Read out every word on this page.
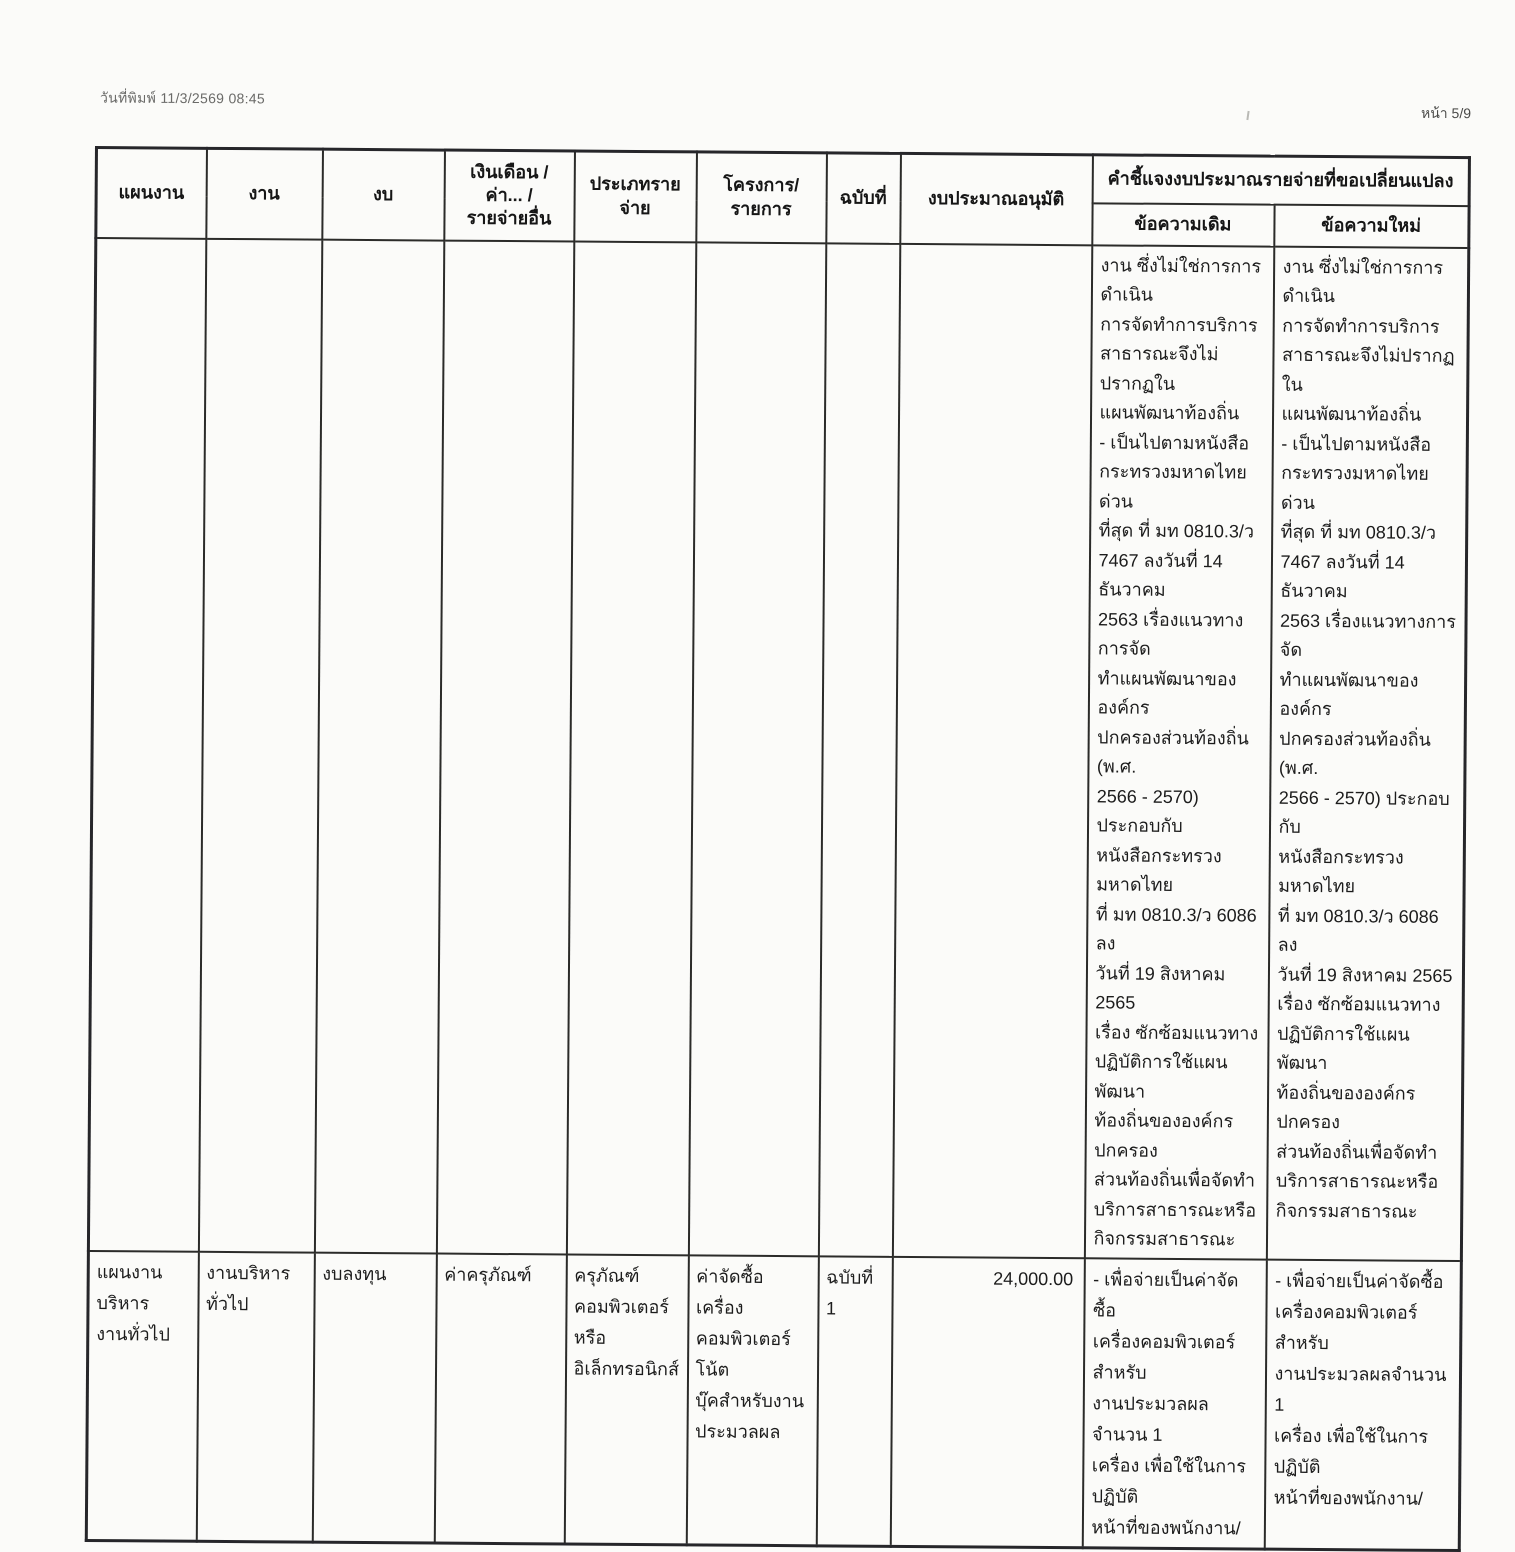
วันที่พิมพ์ 11/3/2569 08:45
หน้า 5/9
แผนงาน	งาน	งบ	เงินเดือน /ค่า... /
รายจ่ายอื่น	ประเภทรายจ่าย	โครงการ/รายการ	ฉบับที่	งบประมาณอนุมัติ	คำชี้แจงงบประมาณรายจ่ายที่ขอเปลี่ยนแปลง	
								ข้อความเดิม	ข้อความใหม่
								งาน ซึ่งไม่ใช่การการดำเนิน
การจัดทำการบริการ
สาธารณะจึงไม่ปรากฏใน
แผนพัฒนาท้องถิ่น
- เป็นไปตามหนังสือ
กระทรวงมหาดไทย ด่วน
ที่สุด ที่ มท 0810.3/ว
7467 ลงวันที่ 14 ธันวาคม
2563 เรื่องแนวทางการจัด
ทำแผนพัฒนาขององค์กร
ปกครองส่วนท้องถิ่น (พ.ศ.
2566 - 2570) ประกอบกับ
หนังสือกระทรวงมหาดไทย
ที่ มท 0810.3/ว 6086 ลง
วันที่ 19 สิงหาคม 2565
เรื่อง ซักซ้อมแนวทาง
ปฏิบัติการใช้แผนพัฒนา
ท้องถิ่นขององค์กรปกครอง
ส่วนท้องถิ่นเพื่อจัดทำ
บริการสาธารณะหรือ
กิจกรรมสาธารณะ	งาน ซึ่งไม่ใช่การการดำเนิน
การจัดทำการบริการ
สาธารณะจึงไม่ปรากฏใน
แผนพัฒนาท้องถิ่น
- เป็นไปตามหนังสือ
กระทรวงมหาดไทย ด่วน
ที่สุด ที่ มท 0810.3/ว
7467 ลงวันที่ 14 ธันวาคม
2563 เรื่องแนวทางการจัด
ทำแผนพัฒนาขององค์กร
ปกครองส่วนท้องถิ่น (พ.ศ.
2566 - 2570) ประกอบกับ
หนังสือกระทรวงมหาดไทย
ที่ มท 0810.3/ว 6086 ลง
วันที่ 19 สิงหาคม 2565
เรื่อง ซักซ้อมแนวทาง
ปฏิบัติการใช้แผนพัฒนา
ท้องถิ่นขององค์กรปกครอง
ส่วนท้องถิ่นเพื่อจัดทำ
บริการสาธารณะหรือ
กิจกรรมสาธารณะ
แผนงานบริหาร
งานทั่วไป	งานบริหารทั่วไป	งบลงทุน	ค่าครุภัณฑ์	ครุภัณฑ์
คอมพิวเตอร์
หรือ
อิเล็กทรอนิกส์	ค่าจัดซื้อเครื่อง
คอมพิวเตอร์โน้ต
บุ๊คสำหรับงาน
ประมวลผล	ฉบับที่ 1	24,000.00	- เพื่อจ่ายเป็นค่าจัดซื้อ
เครื่องคอมพิวเตอร์สำหรับ
งานประมวลผลจำนวน 1
เครื่อง เพื่อใช้ในการปฏิบัติ
หน้าที่ของพนักงาน/	- เพื่อจ่ายเป็นค่าจัดซื้อ
เครื่องคอมพิวเตอร์สำหรับ
งานประมวลผลจำนวน 1
เครื่อง เพื่อใช้ในการปฏิบัติ
หน้าที่ของพนักงาน/
